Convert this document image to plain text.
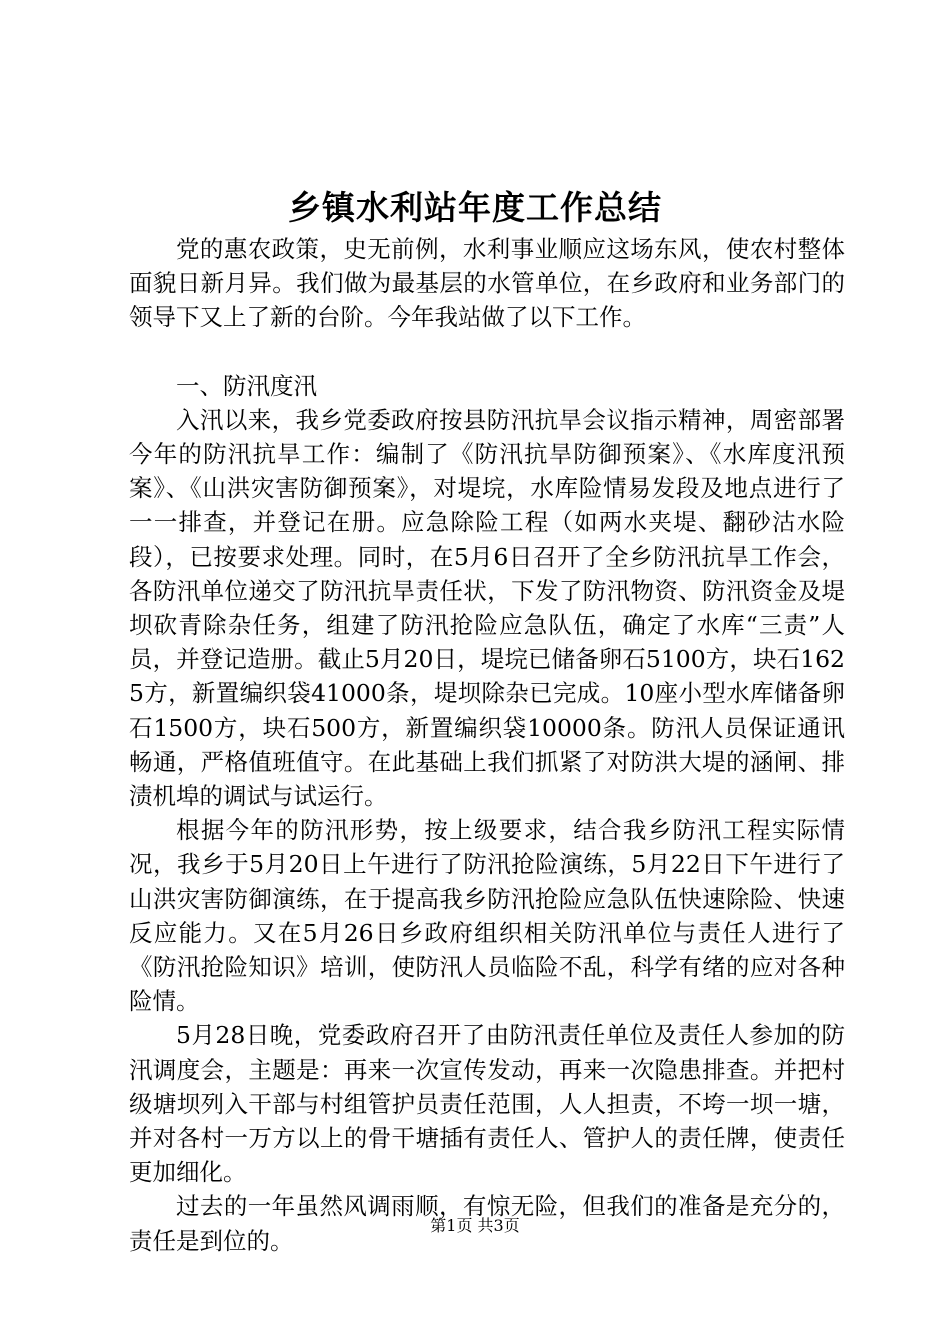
乡镇水利站年度工作总结

党的惠农政策，史无前例，水利事业顺应这场东风，使农村整体面貌日新月异。我们做为最基层的水管单位，在乡政府和业务部门的领导下又上了新的台阶。今年我站做了以下工作。

一、防汛度汛

入汛以来，我乡党委政府按县防汛抗旱会议指示精神，周密部署今年的防汛抗旱工作：编制了《防汛抗旱防御预案》、《水库度汛预案》、《山洪灾害防御预案》，对堤垸，水库险情易发段及地点进行了一一排查，并登记在册。应急除险工程（如两水夹堤、翻砂沽水险段），已按要求处理。同时，在5月6日召开了全乡防汛抗旱工作会，各防汛单位递交了防汛抗旱责任状，下发了防汛物资、防汛资金及堤坝砍青除杂任务，组建了防汛抢险应急队伍，确定了水库“三责”人员，并登记造册。截止5月20日，堤垸已储备卵石5100方，块石1625方，新置编织袋41000条，堤坝除杂已完成。10座小型水库储备卵石1500方，块石500方，新置编织袋10000条。防汛人员保证通讯畅通，严格值班值守。在此基础上我们抓紧了对防洪大堤的涵闸、排渍机埠的调试与试运行。

根据今年的防汛形势，按上级要求，结合我乡防汛工程实际情况，我乡于5月20日上午进行了防汛抢险演练，5月22日下午进行了山洪灾害防御演练，在于提高我乡防汛抢险应急队伍快速除险、快速反应能力。又在5月26日乡政府组织相关防汛单位与责任人进行了《防汛抢险知识》培训，使防汛人员临险不乱，科学有绪的应对各种险情。

5月28日晚，党委政府召开了由防汛责任单位及责任人参加的防汛调度会，主题是：再来一次宣传发动，再来一次隐患排查。并把村级塘坝列入干部与村组管护员责任范围，人人担责，不垮一坝一塘，并对各村一万方以上的骨干塘插有责任人、管护人的责任牌，使责任更加细化。

过去的一年虽然风调雨顺，有惊无险，但我们的准备是充分的，责任是到位的。

第1页 共3页
